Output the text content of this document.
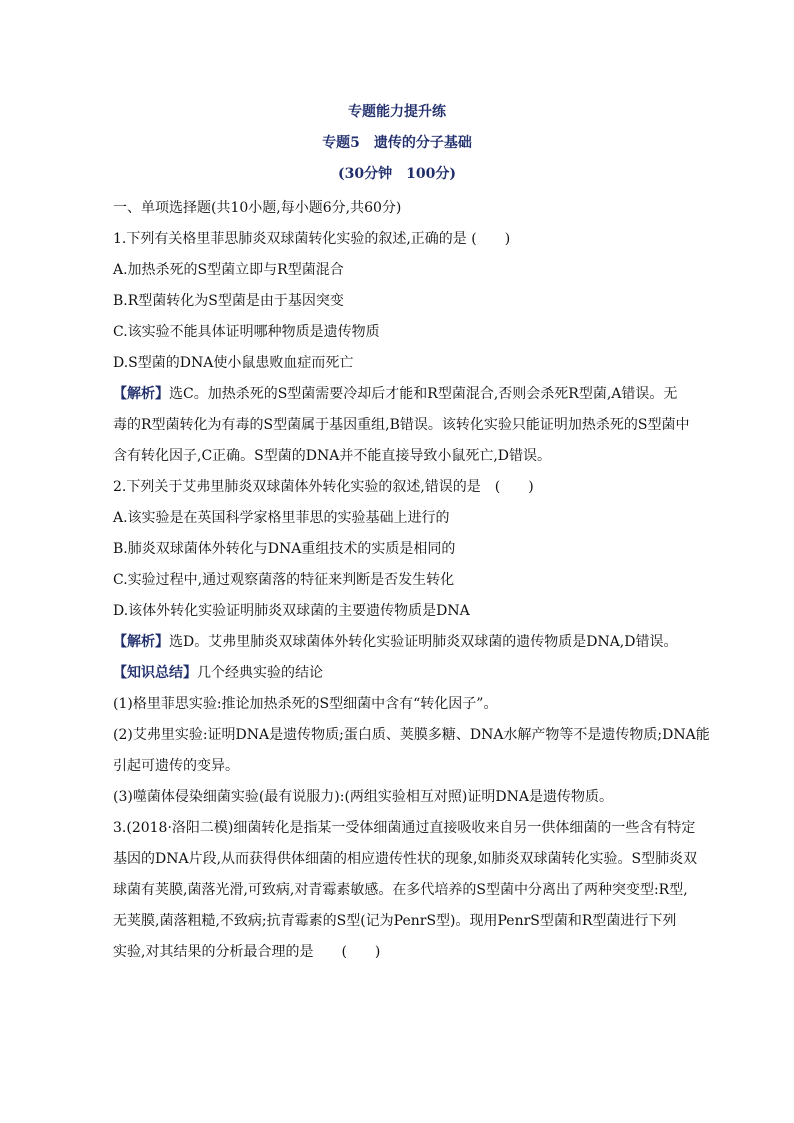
专题能力提升练
专题5　遗传的分子基础
(30分钟　100分)
一、单项选择题(共10小题,每小题6分,共60分)
1.下列有关格里菲思肺炎双球菌转化实验的叙述,正确的是 (　　)
A.加热杀死的S型菌立即与R型菌混合
B.R型菌转化为S型菌是由于基因突变
C.该实验不能具体证明哪种物质是遗传物质
D.S型菌的DNA使小鼠患败血症而死亡
【解析】选C。加热杀死的S型菌需要冷却后才能和R型菌混合,否则会杀死R型菌,A错误。无
毒的R型菌转化为有毒的S型菌属于基因重组,B错误。该转化实验只能证明加热杀死的S型菌中
含有转化因子,C正确。S型菌的DNA并不能直接导致小鼠死亡,D错误。
2.下列关于艾弗里肺炎双球菌体外转化实验的叙述,错误的是　(　　)
A.该实验是在英国科学家格里菲思的实验基础上进行的
B.肺炎双球菌体外转化与DNA重组技术的实质是相同的
C.实验过程中,通过观察菌落的特征来判断是否发生转化
D.该体外转化实验证明肺炎双球菌的主要遗传物质是DNA
【解析】选D。艾弗里肺炎双球菌体外转化实验证明肺炎双球菌的遗传物质是DNA,D错误。
【知识总结】几个经典实验的结论
(1)格里菲思实验:推论加热杀死的S型细菌中含有“转化因子”。
(2)艾弗里实验:证明DNA是遗传物质;蛋白质、荚膜多糖、DNA水解产物等不是遗传物质;DNA能
引起可遗传的变异。
(3)噬菌体侵染细菌实验(最有说服力):(两组实验相互对照)证明DNA是遗传物质。
3.(2018·洛阳二模)细菌转化是指某一受体细菌通过直接吸收来自另一供体细菌的一些含有特定
基因的DNA片段,从而获得供体细菌的相应遗传性状的现象,如肺炎双球菌转化实验。S型肺炎双
球菌有荚膜,菌落光滑,可致病,对青霉素敏感。在多代培养的S型菌中分离出了两种突变型:R型,
无荚膜,菌落粗糙,不致病;抗青霉素的S型(记为PenrS型)。现用PenrS型菌和R型菌进行下列
实验,对其结果的分析最合理的是　　(　　)
